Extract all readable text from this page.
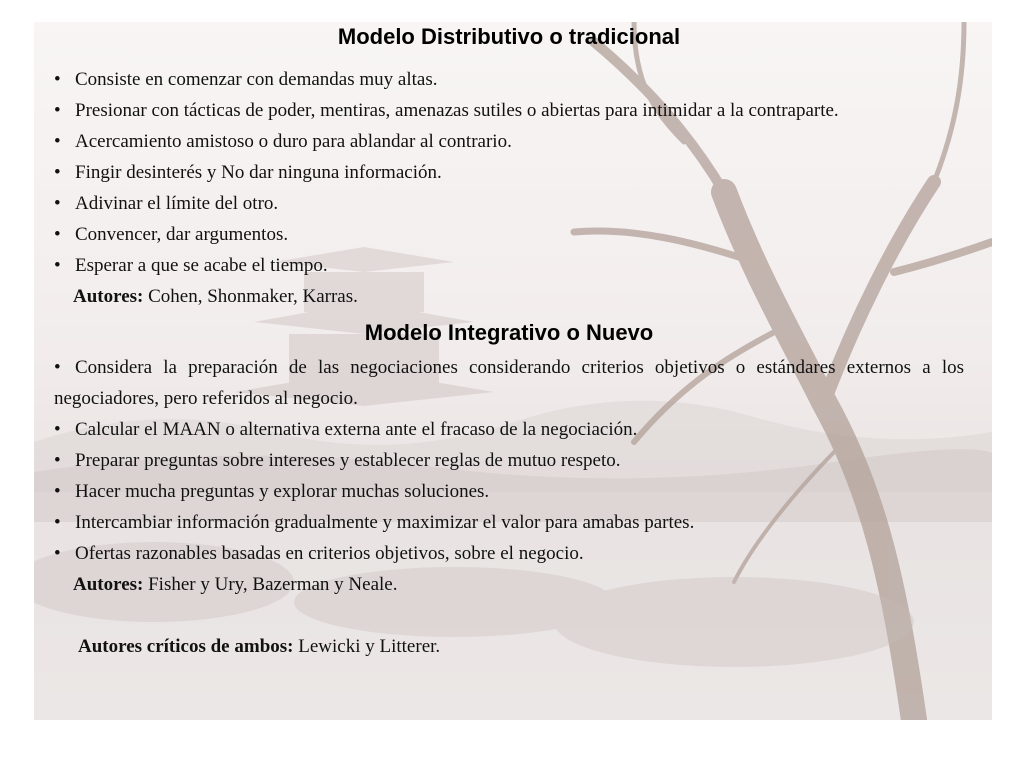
Modelo Distributivo o tradicional
• Consiste en comenzar con demandas muy altas.
• Presionar con tácticas de poder, mentiras, amenazas sutiles o abiertas para intimidar a la contraparte.
• Acercamiento amistoso o duro para ablandar al contrario.
• Fingir desinterés y No dar ninguna información.
• Adivinar el límite del otro.
• Convencer, dar argumentos.
• Esperar a que se acabe el tiempo.
Autores: Cohen, Shonmaker, Karras.
Modelo Integrativo o Nuevo
• Considera la preparación de las negociaciones considerando criterios objetivos o estándares externos a los negociadores, pero referidos al negocio.
• Calcular el MAAN o alternativa externa ante el fracaso de la negociación.
• Preparar preguntas sobre intereses y establecer reglas de mutuo respeto.
• Hacer mucha preguntas y explorar muchas soluciones.
• Intercambiar información gradualmente y maximizar el valor para amabas partes.
• Ofertas razonables basadas en criterios objetivos, sobre el negocio.
Autores: Fisher y Ury, Bazerman y Neale.
Autores críticos de ambos: Lewicki y Litterer.
